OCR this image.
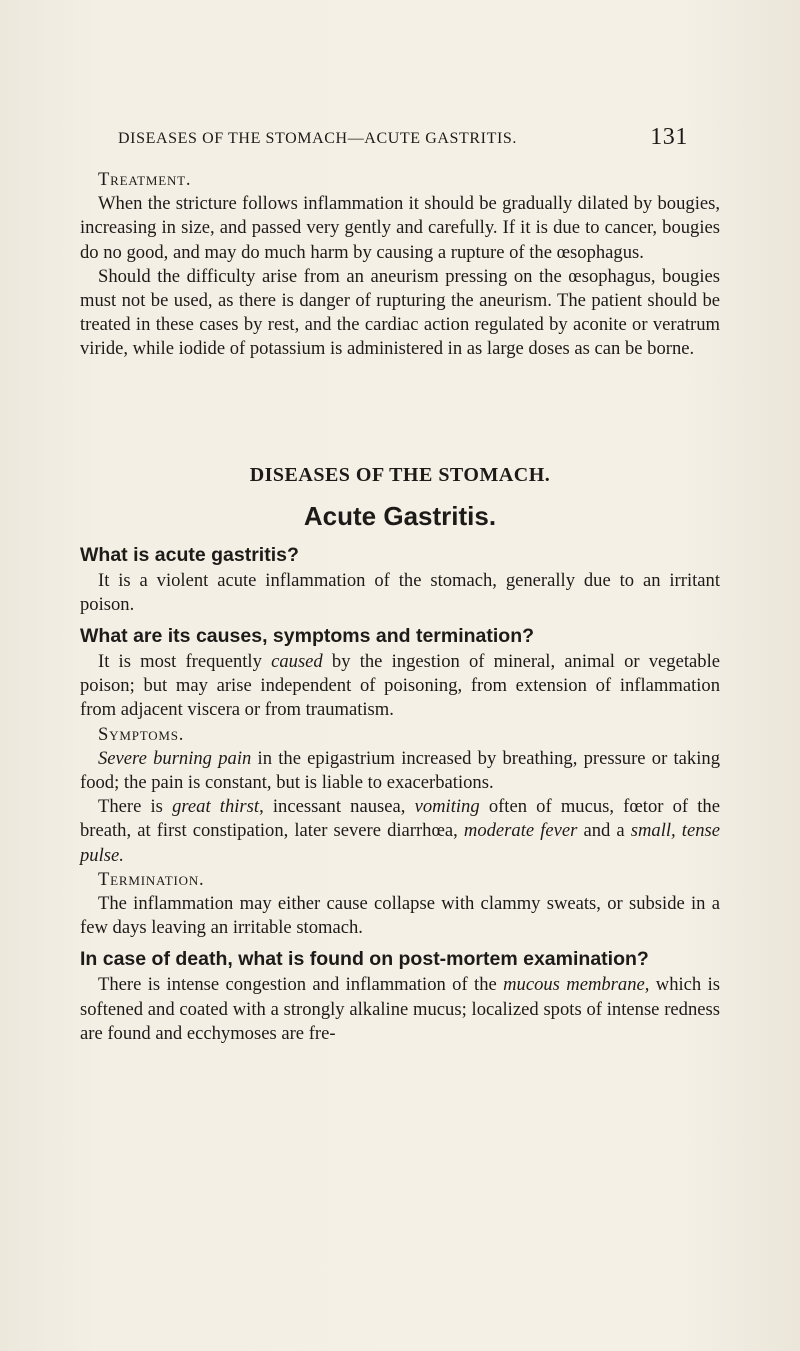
DISEASES OF THE STOMACH—ACUTE GASTRITIS.	131
Treatment.

When the stricture follows inflammation it should be gradually dilated by bougies, increasing in size, and passed very gently and carefully. If it is due to cancer, bougies do no good, and may do much harm by causing a rupture of the œsophagus.

Should the difficulty arise from an aneurism pressing on the œsophagus, bougies must not be used, as there is danger of rupturing the aneurism. The patient should be treated in these cases by rest, and the cardiac action regulated by aconite or veratrum viride, while iodide of potassium is administered in as large doses as can be borne.

DISEASES OF THE STOMACH.
Acute Gastritis.
What is acute gastritis?

It is a violent acute inflammation of the stomach, generally due to an irritant poison.

What are its causes, symptoms and termination?

It is most frequently caused by the ingestion of mineral, animal or vegetable poison; but may arise independent of poisoning, from extension of inflammation from adjacent viscera or from traumatism.

Symptoms.

Severe burning pain in the epigastrium increased by breathing, pressure or taking food; the pain is constant, but is liable to exacerbations.

There is great thirst, incessant nausea, vomiting often of mucus, fœtor of the breath, at first constipation, later severe diarrhœa, moderate fever and a small, tense pulse.

Termination.

The inflammation may either cause collapse with clammy sweats, or subside in a few days leaving an irritable stomach.

In case of death, what is found on post-mortem examination?

There is intense congestion and inflammation of the mucous membrane, which is softened and coated with a strongly alkaline mucus; localized spots of intense redness are found and ecchymoses are fre-
